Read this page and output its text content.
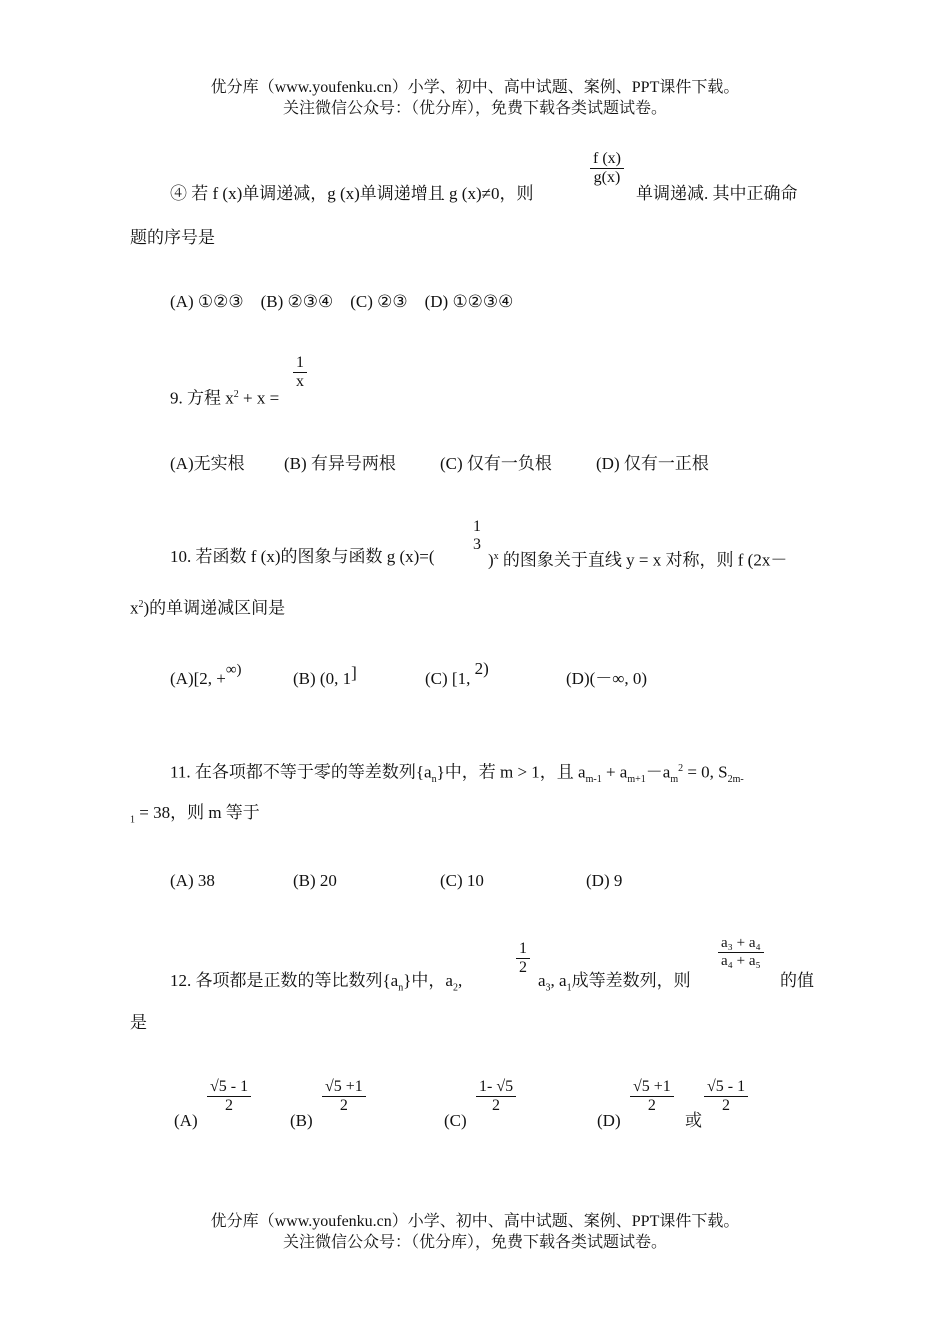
优分库（www.youfenku.cn）小学、初中、高中试题、案例、PPT课件下载。
关注微信公众号：（优分库），免费下载各类试题试卷。
④ 若 f (x)单调递减，g (x)单调递增且 g (x)≠0，则
$\frac{f (x)}{g(x)}$
单调递减. 其中正确命
题的序号是
(A) ①②③　(B) ②③④　(C) ②③　(D) ①②③④
9. 方程 $x^2 + x$ =
$\frac{1}{x}$
(A)无实根 (B) 有异号两根	(C) 仅有一负根	(D) 仅有一正根
10. 若函数 f (x)的图象与函数 g (x)=(
1
3
)$^x$ 的图象关于直线 y = x 对称，则 f (2x－
$x^2$)的单调递减区间是
(A)[2, +∞)	(B) (0, 1]	(C) [1, 2)
(D)(－∞, 0)
11. 在各项都不等于零的等差数列$\{a_n\}$中，若 m > 1，且 $a_{m-1} + a_{m+1}-a_m^2 = 0$, $S_{2m-}$
$_1$ = 38，则 m 等于
(A) 38	(B) 20	(C) 10	(D) 9
12. 各项都是正数的等比数列$\{a_n\}$中，$a_2$,
$\frac{1}{2}$
$a_3$, $a_1$成等差数列，则
$\frac{\text{a₃ + a₄}}{\text{a₄ + a₅}}$
的值
是
(A)
$\frac{√5 - 1}{2}$
(B)
$\frac{√5 +1}{2}$
(C)
$\frac{1- √5}{2}$
(D)
$\frac{√5 +1}{2}$
或
$\frac{√5 - 1}{2}$
优分库（www.youfenku.cn）小学、初中、高中试题、案例、PPT课件下载。
关注微信公众号：（优分库），免费下载各类试题试卷。
